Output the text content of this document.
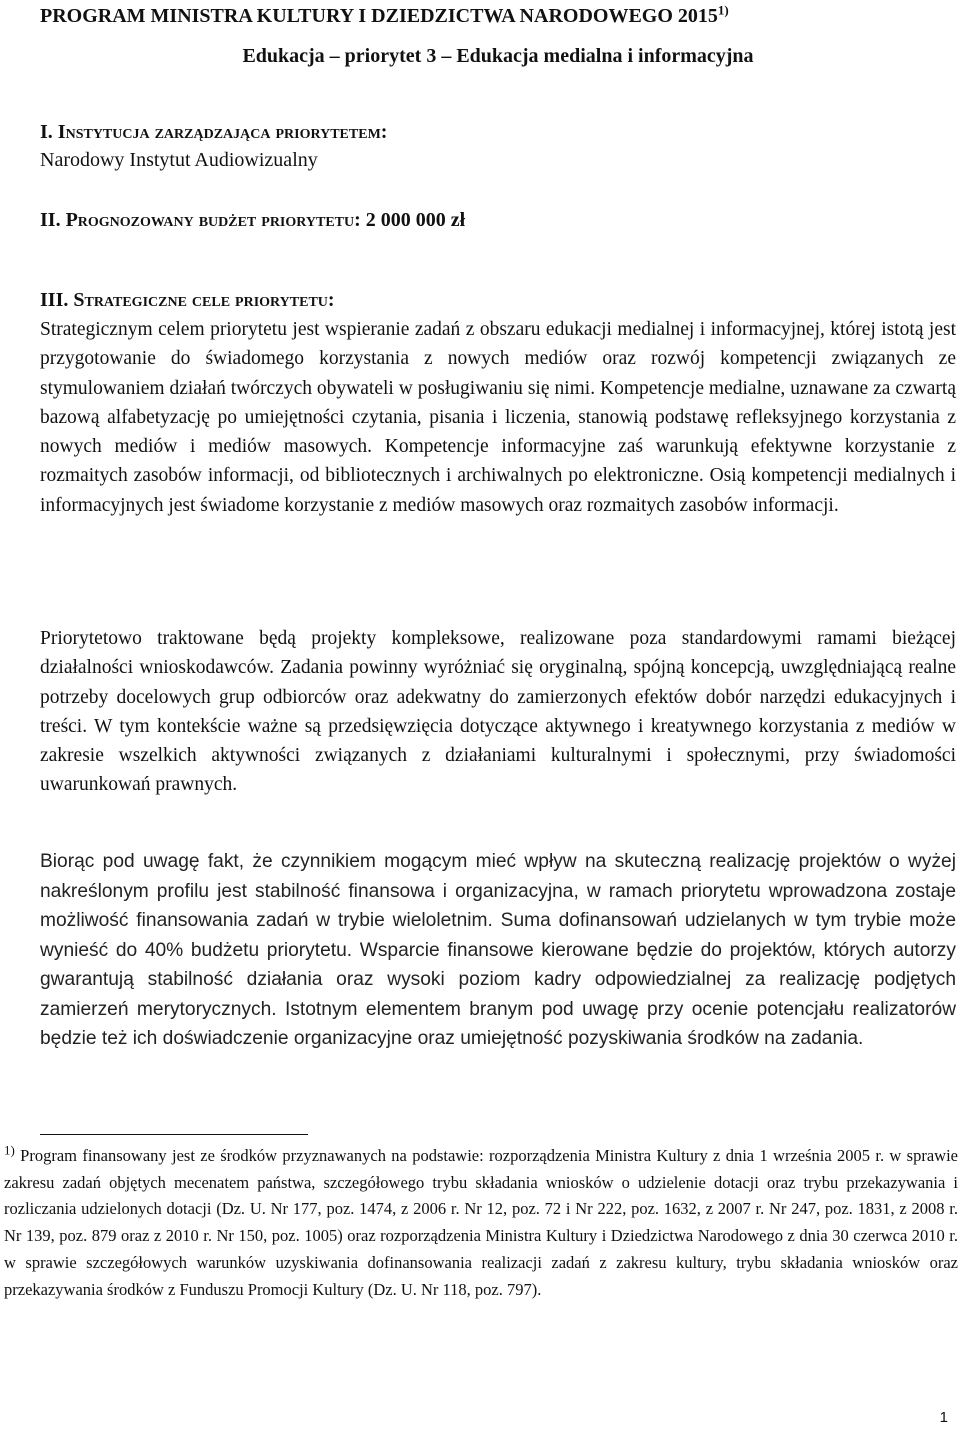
PROGRAM MINISTRA KULTURY I DZIEDZICTWA NARODOWEGO 2015$^{1)}$
Edukacja – priorytet 3 – Edukacja medialna i informacyjna
I. Instytucja zarządzająca priorytetem:
Narodowy Instytut Audiowizualny
II. Prognozowany budżet priorytetu: 2 000 000 zł
III. Strategiczne cele priorytetu:
Strategicznym celem priorytetu jest wspieranie zadań z obszaru edukacji medialnej i informacyjnej, której istotą jest przygotowanie do świadomego korzystania z nowych mediów oraz rozwój kompetencji związanych ze stymulowaniem działań twórczych obywateli w posługiwaniu się nimi. Kompetencje medialne, uznawane za czwartą bazową alfabetyzację po umiejętności czytania, pisania i liczenia, stanowią podstawę refleksyjnego korzystania z nowych mediów i mediów masowych. Kompetencje informacyjne zaś warunkują efektywne korzystanie z rozmaitych zasobów informacji, od bibliotecznych i archiwalnych po elektroniczne. Osią kompetencji medialnych i informacyjnych jest świadome korzystanie z mediów masowych oraz rozmaitych zasobów informacji.
Priorytetowo traktowane będą projekty kompleksowe, realizowane poza standardowymi ramami bieżącej działalności wnioskodawców. Zadania powinny wyróżniać się oryginalną, spójną koncepcją, uwzględniającą realne potrzeby docelowych grup odbiorców oraz adekwatny do zamierzonych efektów dobór narzędzi edukacyjnych i treści. W tym kontekście ważne są przedsięwzięcia dotyczące aktywnego i kreatywnego korzystania z mediów w zakresie wszelkich aktywności związanych z działaniami kulturalnymi i społecznymi, przy świadomości uwarunkowań prawnych.
Biorąc pod uwagę fakt, że czynnikiem mogącym mieć wpływ na skuteczną realizację projektów o wyżej nakreślonym profilu jest stabilność finansowa i organizacyjna, w ramach priorytetu wprowadzona zostaje możliwość finansowania zadań w trybie wieloletnim. Suma dofinansowań udzielanych w tym trybie może wynieść do 40% budżetu priorytetu. Wsparcie finansowe kierowane będzie do projektów, których autorzy gwarantują stabilność działania oraz wysoki poziom kadry odpowiedzialnej za realizację podjętych zamierzeń merytorycznych. Istotnym elementem branym pod uwagę przy ocenie potencjału realizatorów będzie też ich doświadczenie organizacyjne oraz umiejętność pozyskiwania środków na zadania.
$^{1)}$ Program finansowany jest ze środków przyznawanych na podstawie: rozporządzenia Ministra Kultury z dnia 1 września 2005 r. w sprawie zakresu zadań objętych mecenatem państwa, szczegółowego trybu składania wniosków o udzielenie dotacji oraz trybu przekazywania i rozliczania udzielonych dotacji (Dz. U. Nr 177, poz. 1474, z 2006 r. Nr 12, poz. 72 i Nr 222, poz. 1632, z 2007 r. Nr 247, poz. 1831, z 2008 r. Nr 139, poz. 879 oraz z 2010 r. Nr 150, poz. 1005) oraz rozporządzenia Ministra Kultury i Dziedzictwa Narodowego z dnia 30 czerwca 2010 r. w sprawie szczegółowych warunków uzyskiwania dofinansowania realizacji zadań z zakresu kultury, trybu składania wniosków oraz przekazywania środków z Funduszu Promocji Kultury (Dz. U. Nr 118, poz. 797).
1
